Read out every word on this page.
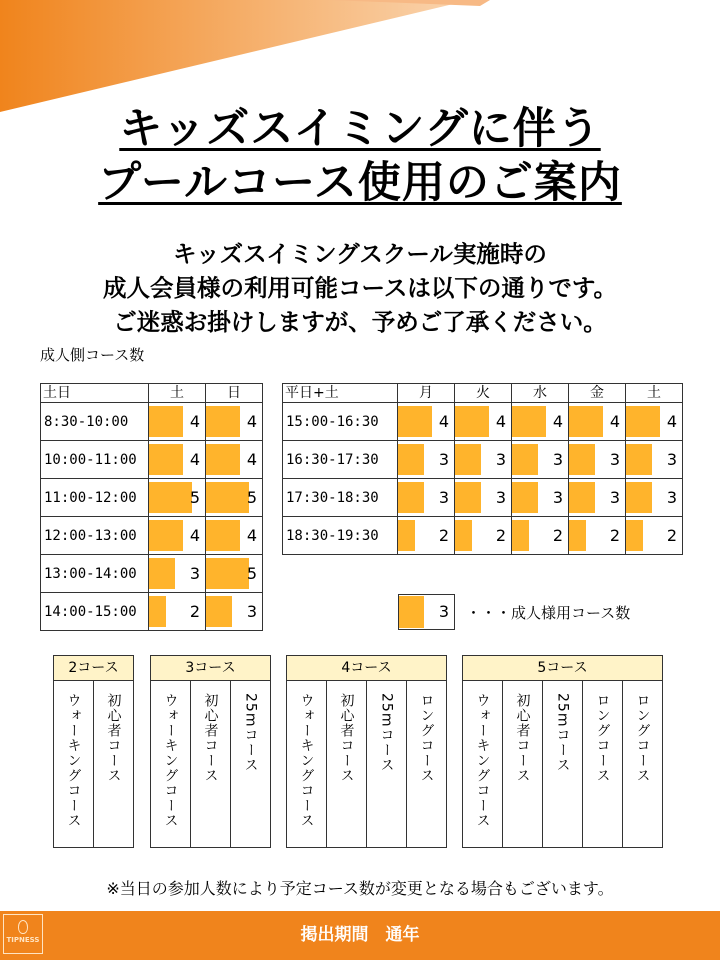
キッズスイミングに伴う
プールコース使用のご案内
キッズスイミングスクール実施時の
成人会員様の利用可能コースは以下の通りです。
ご迷惑お掛けしますが、予めご了承ください。
成人側コース数
土日	土	日
8:30-10:00	4	4

10:00-11:00	4	4

11:00-12:00	5	5

12:00-13:00	4	4

13:00-14:00	3	5

14:00-15:00	2	3
平日+土	月	火	水	金	土
15:00-16:30	4	4	4	4	4

16:30-17:30	3	3	3	3	3

17:30-18:30	3	3	3	3	3

18:30-19:30	2	2	2	2	2
3 ・・・成人様用コース数
2コース
ウォーキングコース 初心者コース
3コース
ウォーキングコース 初心者コース 25mコース
4コース
ウォーキングコース 初心者コース 25mコース ロングコース
5コース
ウォーキングコース 初心者コース 25mコース ロングコース ロングコース
※当日の参加人数により予定コース数が変更となる場合もございます。
TIPNESS	掲出期間　通年
